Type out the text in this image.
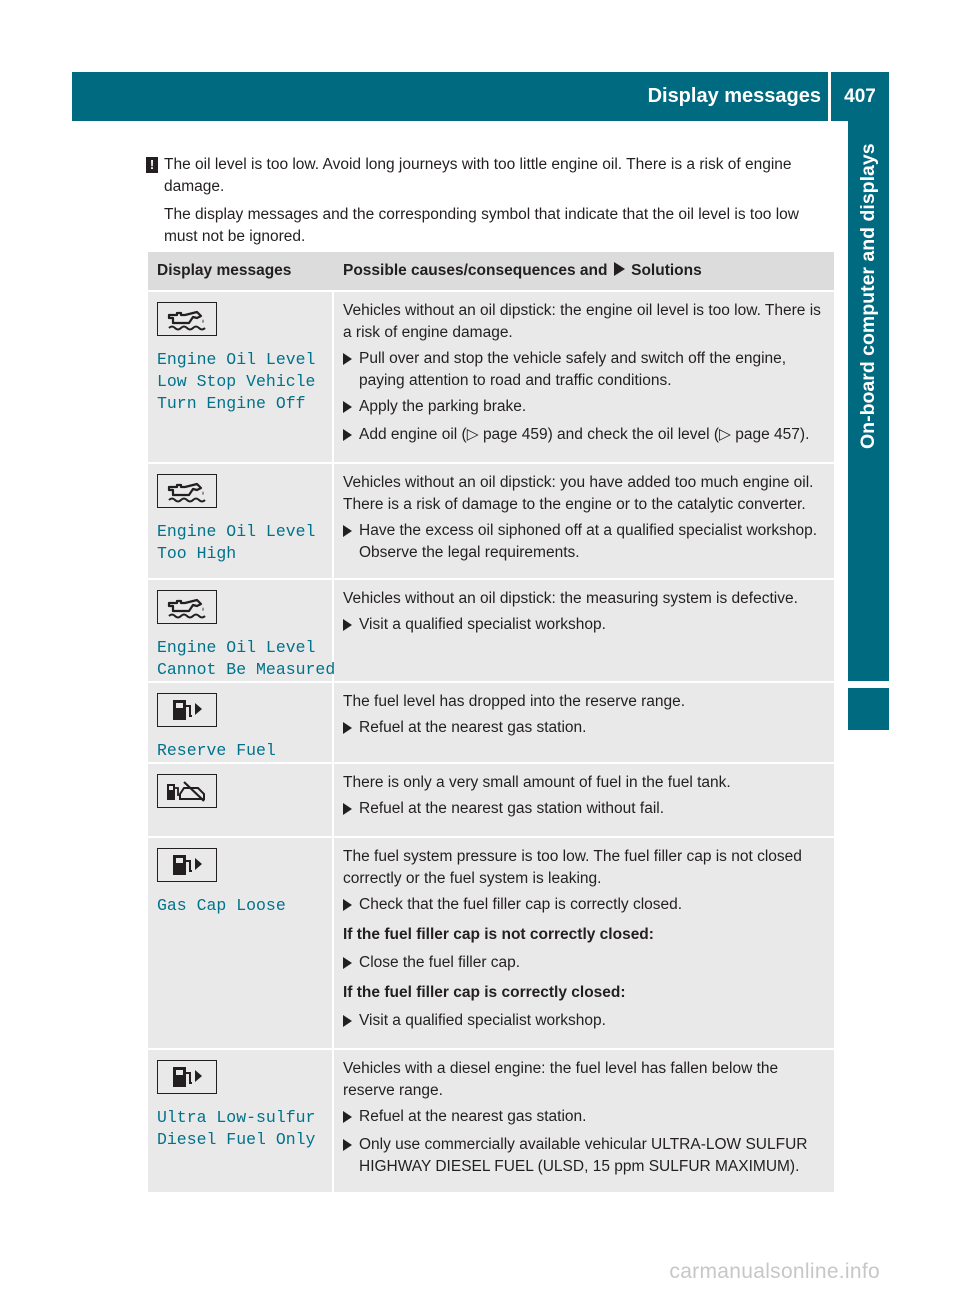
Display messages	407
On-board computer and displays
! The oil level is too low. Avoid long journeys with too little engine oil. There is a risk of engine damage.

The display messages and the corresponding symbol that indicate that the oil level is too low must not be ignored.

Display messages	Possible causes/consequences and Solutions
Engine Oil Level
Low Stop Vehicle
Turn Engine Off

Vehicles without an oil dipstick: the engine oil level is too low. There is a risk of engine damage.

Pull over and stop the vehicle safely and switch off the engine, paying attention to road and traffic conditions.
Apply the parking brake.
Add engine oil (▷ page 459) and check the oil level (▷ page 457).
Engine Oil Level
Too High

Vehicles without an oil dipstick: you have added too much engine oil. There is a risk of damage to the engine or to the catalytic converter.

Have the excess oil siphoned off at a qualified specialist workshop. Observe the legal requirements.
Engine Oil Level
Cannot Be Measured

Vehicles without an oil dipstick: the measuring system is defective.

Visit a qualified specialist workshop.
Reserve Fuel

The fuel level has dropped into the reserve range.

Refuel at the nearest gas station.

There is only a very small amount of fuel in the fuel tank.

Refuel at the nearest gas station without fail.
Gas Cap Loose

The fuel system pressure is too low. The fuel filler cap is not closed correctly or the fuel system is leaking.

Check that the fuel filler cap is correctly closed.
If the fuel filler cap is not correctly closed:
Close the fuel filler cap.
If the fuel filler cap is correctly closed:
Visit a qualified specialist workshop.
Ultra Low-sulfur
Diesel Fuel Only

Vehicles with a diesel engine: the fuel level has fallen below the reserve range.

Refuel at the nearest gas station.
Only use commercially available vehicular ULTRA-LOW SULFUR HIGHWAY DIESEL FUEL (ULSD, 15 ppm SULFUR MAXIMUM).
carmanualsonline.info
